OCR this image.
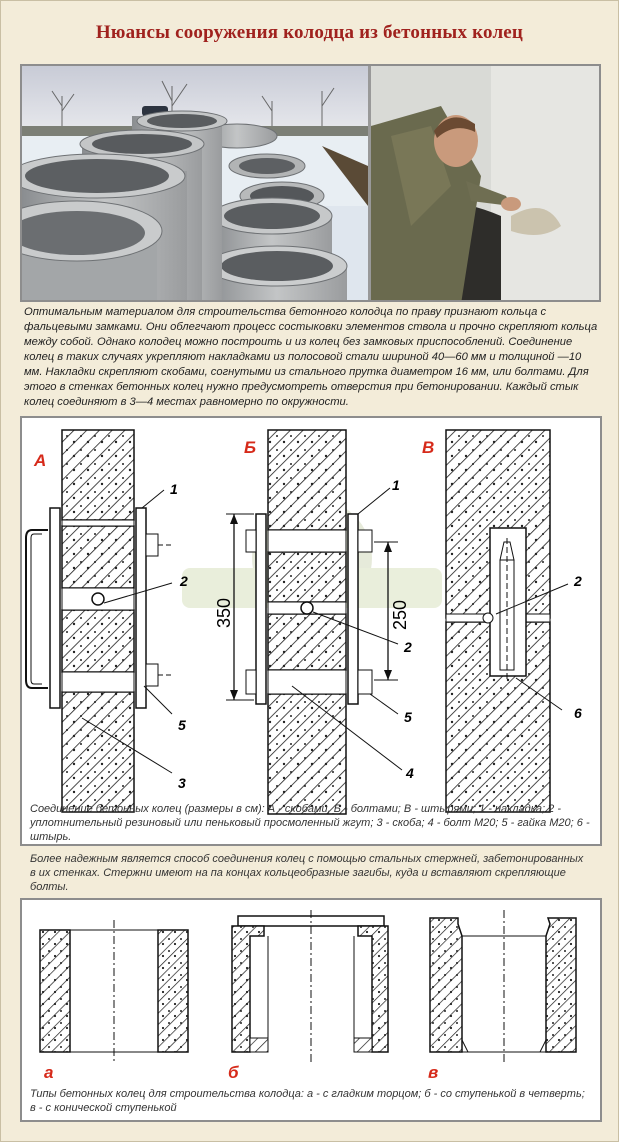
Нюансы сооружения колодца из бетонных колец
Оптимальным материалом для строительства бетонного колодца по праву признают кольца с фальцевыми замками. Они облегчают процесс состыковки элементов ствола и прочно скрепляют кольца между собой. Однако колодец можно построить и из колец без замковых приспособлений. Соединение колец в таких случаях укрепляют накладками из полосовой стали шириной 40—60 мм и толщиной —10 мм. Накладки скрепляют скобами, согнутыми из стального прутка диаметром 16 мм, или болтами. Для этого в стенках бетонных колец нужно предусмотреть отверстия при бетонировании. Каждый стык колец соединяют в 3—4 местах равномерно по окружности.
А
1
2
3
5
350	250
Б
1
2
5
4
В
2
6
Соединение бетонных колец (размеры в см): А - скобами, Б - болтами; В - штырями; 1 - накладка; 2 - уплотнительный резиновый или пеньковый просмоленный жгут; 3 - скоба; 4 - болт М20; 5 - гайка М20; 6 - штырь.
Более надежным является способ соединения колец с помощью стальных стержней, забетонированных в их стенках. Стержни имеют на па концах кольцеобразные загибы, куда и вставляют скрепляющие болты.
а	б	в
Типы бетонных колец для строительства колодца: а - с гладким торцом; б - со ступенькой в четверть; в - с конической ступенькой
